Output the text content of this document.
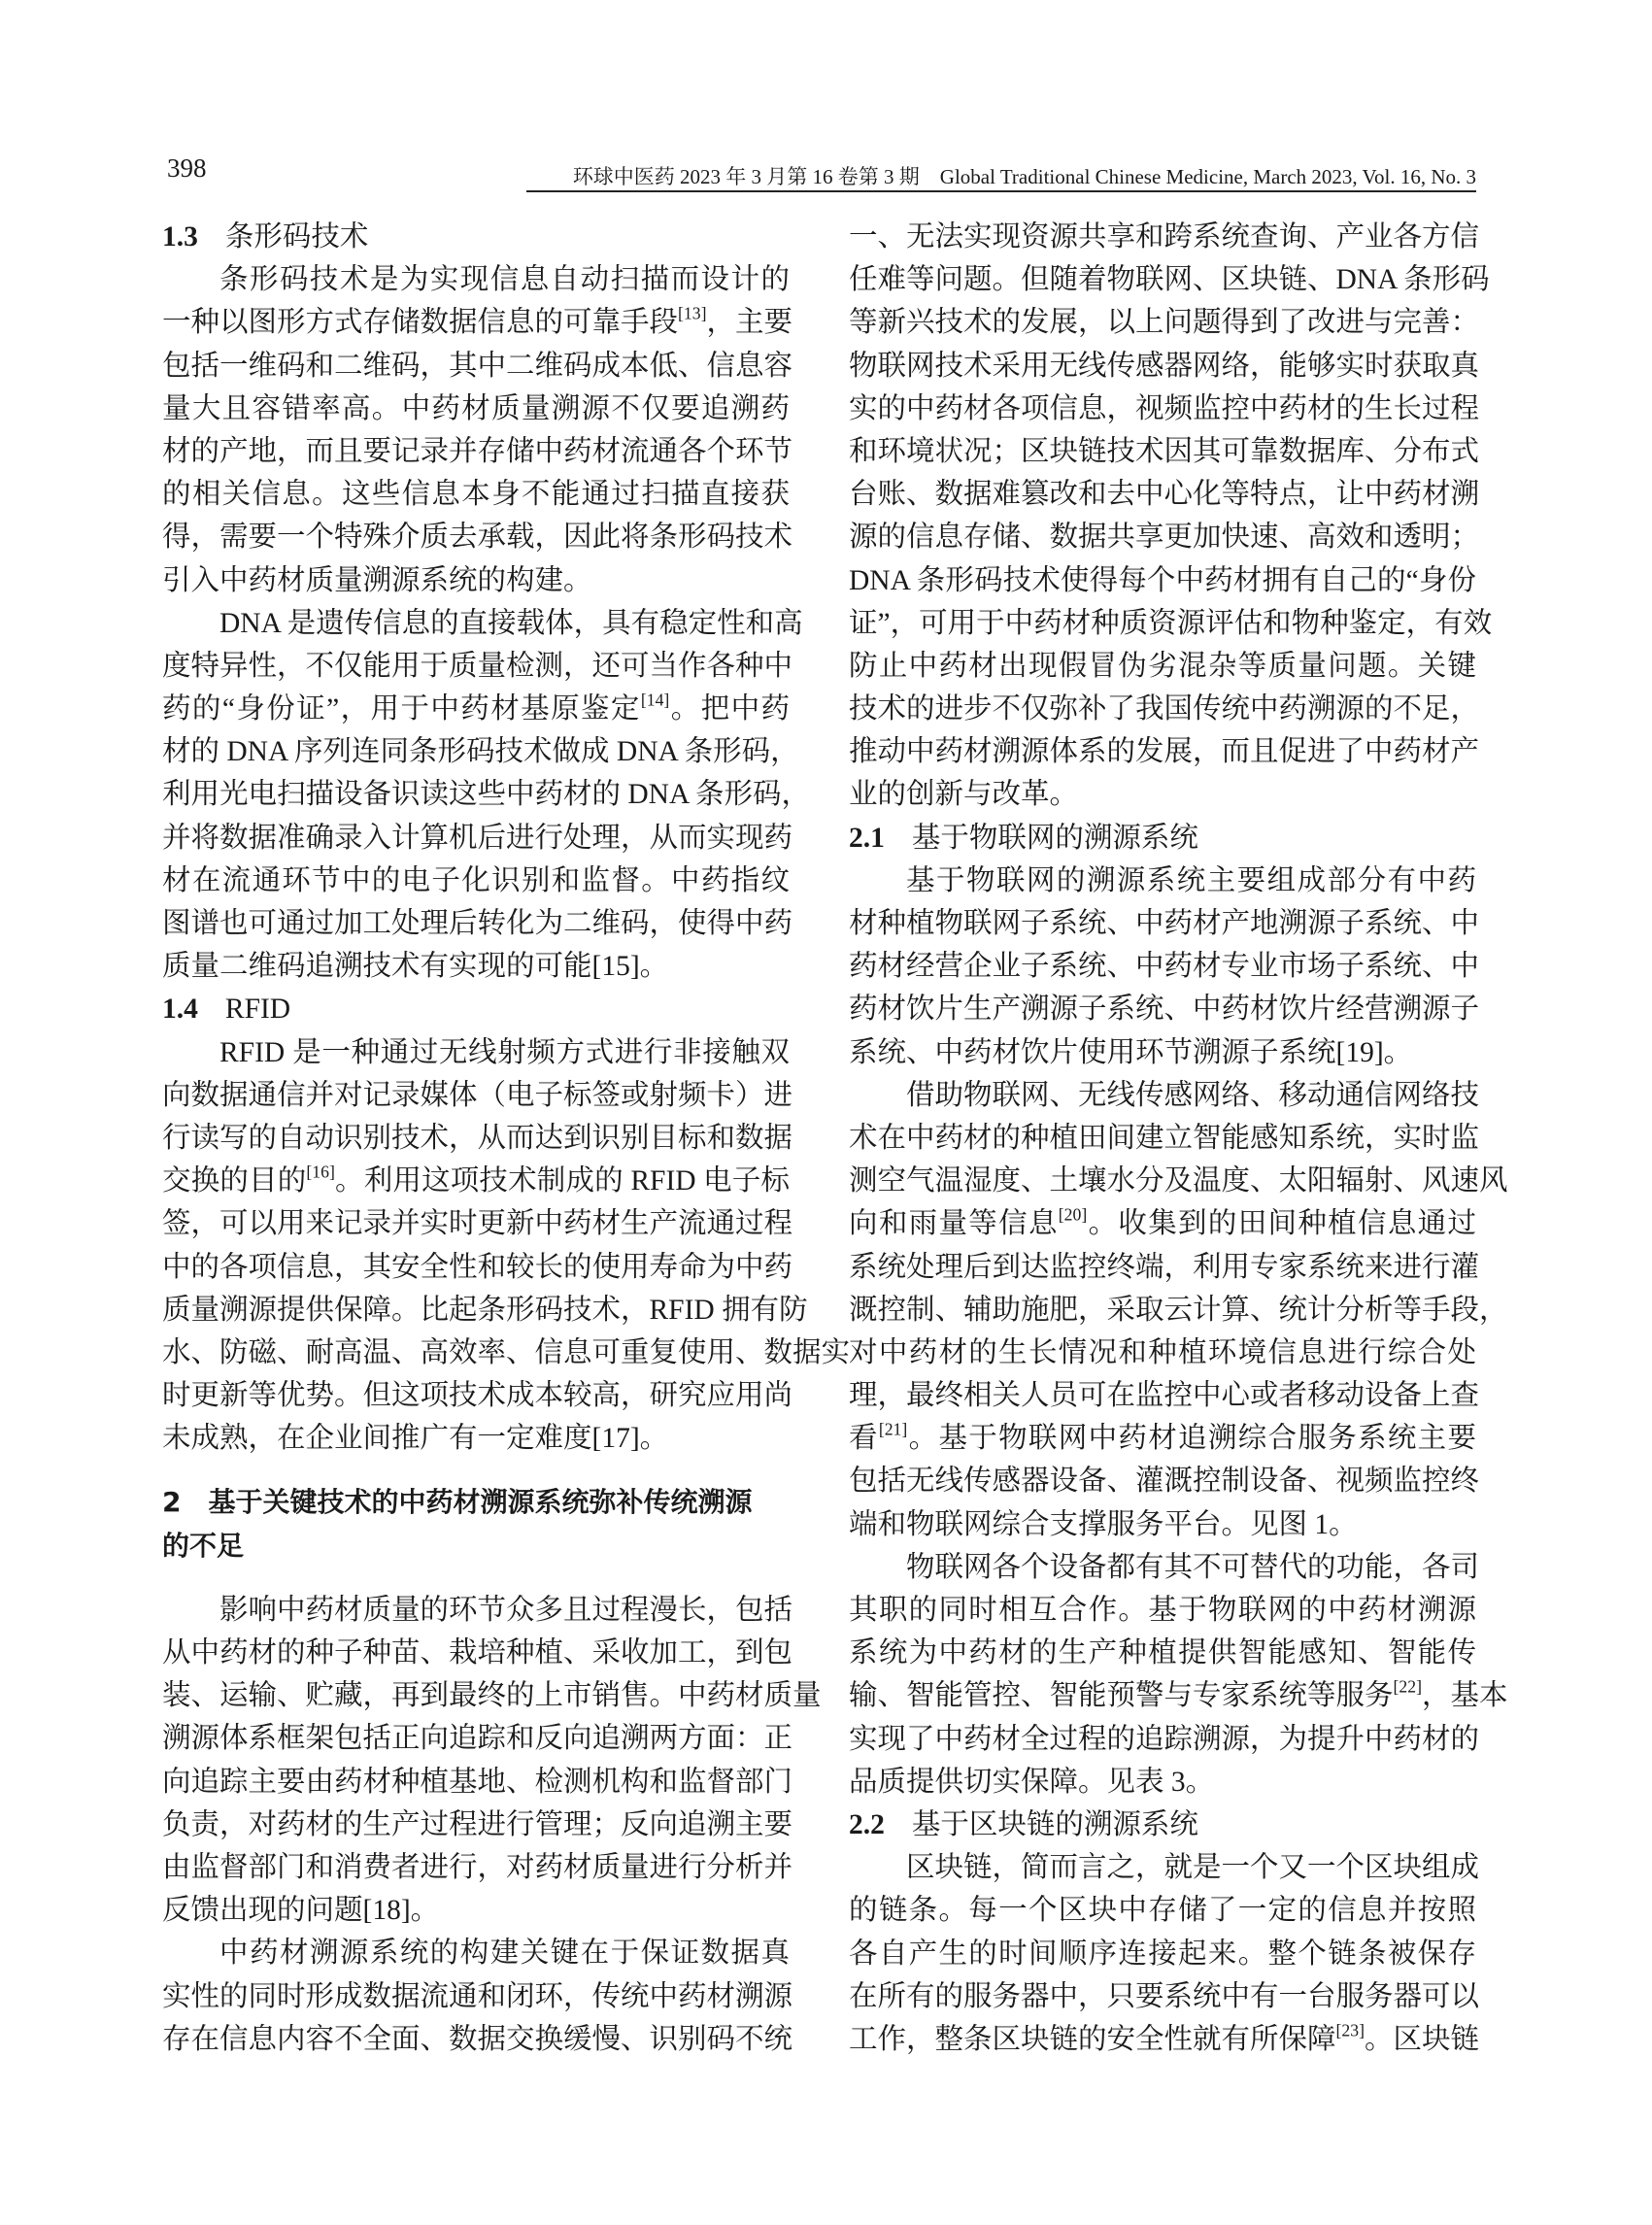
398	环球中医药 2023 年 3 月第 16 卷第 3 期　Global Traditional Chinese Medicine, March 2023, Vol. 16, No. 3
1.3 条形码技术
条形码技术是为实现信息自动扫描而设计的
一种以图形方式存储数据信息的可靠手段[13]，主要
包括一维码和二维码，其中二维码成本低、信息容
量大且容错率高。中药材质量溯源不仅要追溯药
材的产地，而且要记录并存储中药材流通各个环节
的相关信息。这些信息本身不能通过扫描直接获
得，需要一个特殊介质去承载，因此将条形码技术
引入中药材质量溯源系统的构建。
DNA 是遗传信息的直接载体，具有稳定性和高
度特异性，不仅能用于质量检测，还可当作各种中
药的“身份证”，用于中药材基原鉴定[14]。把中药
材的 DNA 序列连同条形码技术做成 DNA 条形码，
利用光电扫描设备识读这些中药材的 DNA 条形码，
并将数据准确录入计算机后进行处理，从而实现药
材在流通环节中的电子化识别和监督。中药指纹
图谱也可通过加工处理后转化为二维码，使得中药
质量二维码追溯技术有实现的可能[15]。
1.4 RFID
RFID 是一种通过无线射频方式进行非接触双
向数据通信并对记录媒体（电子标签或射频卡）进
行读写的自动识别技术，从而达到识别目标和数据
交换的目的[16]。利用这项技术制成的 RFID 电子标
签，可以用来记录并实时更新中药材生产流通过程
中的各项信息，其安全性和较长的使用寿命为中药
质量溯源提供保障。比起条形码技术，RFID 拥有防
水、防磁、耐高温、高效率、信息可重复使用、数据实
时更新等优势。但这项技术成本较高，研究应用尚
未成熟，在企业间推广有一定难度[17]。
2　基于关键技术的中药材溯源系统弥补传统溯源
的不足
影响中药材质量的环节众多且过程漫长，包括
从中药材的种子种苗、栽培种植、采收加工，到包
装、运输、贮藏，再到最终的上市销售。中药材质量
溯源体系框架包括正向追踪和反向追溯两方面：正
向追踪主要由药材种植基地、检测机构和监督部门
负责，对药材的生产过程进行管理；反向追溯主要
由监督部门和消费者进行，对药材质量进行分析并
反馈出现的问题[18]。
中药材溯源系统的构建关键在于保证数据真
实性的同时形成数据流通和闭环，传统中药材溯源
存在信息内容不全面、数据交换缓慢、识别码不统
一、无法实现资源共享和跨系统查询、产业各方信
任难等问题。但随着物联网、区块链、DNA 条形码
等新兴技术的发展，以上问题得到了改进与完善：
物联网技术采用无线传感器网络，能够实时获取真
实的中药材各项信息，视频监控中药材的生长过程
和环境状况；区块链技术因其可靠数据库、分布式
台账、数据难篡改和去中心化等特点，让中药材溯
源的信息存储、数据共享更加快速、高效和透明；
DNA 条形码技术使得每个中药材拥有自己的“身份
证”，可用于中药材种质资源评估和物种鉴定，有效
防止中药材出现假冒伪劣混杂等质量问题。关键
技术的进步不仅弥补了我国传统中药溯源的不足，
推动中药材溯源体系的发展，而且促进了中药材产
业的创新与改革。
2.1 基于物联网的溯源系统
基于物联网的溯源系统主要组成部分有中药
材种植物联网子系统、中药材产地溯源子系统、中
药材经营企业子系统、中药材专业市场子系统、中
药材饮片生产溯源子系统、中药材饮片经营溯源子
系统、中药材饮片使用环节溯源子系统[19]。
借助物联网、无线传感网络、移动通信网络技
术在中药材的种植田间建立智能感知系统，实时监
测空气温湿度、土壤水分及温度、太阳辐射、风速风
向和雨量等信息[20]。收集到的田间种植信息通过
系统处理后到达监控终端，利用专家系统来进行灌
溉控制、辅助施肥，采取云计算、统计分析等手段，
对中药材的生长情况和种植环境信息进行综合处
理，最终相关人员可在监控中心或者移动设备上查
看[21]。基于物联网中药材追溯综合服务系统主要
包括无线传感器设备、灌溉控制设备、视频监控终
端和物联网综合支撑服务平台。见图 1。
物联网各个设备都有其不可替代的功能，各司
其职的同时相互合作。基于物联网的中药材溯源
系统为中药材的生产种植提供智能感知、智能传
输、智能管控、智能预警与专家系统等服务[22]，基本
实现了中药材全过程的追踪溯源，为提升中药材的
品质提供切实保障。见表 3。
2.2 基于区块链的溯源系统
区块链，简而言之，就是一个又一个区块组成
的链条。每一个区块中存储了一定的信息并按照
各自产生的时间顺序连接起来。整个链条被保存
在所有的服务器中，只要系统中有一台服务器可以
工作，整条区块链的安全性就有所保障[23]。区块链
